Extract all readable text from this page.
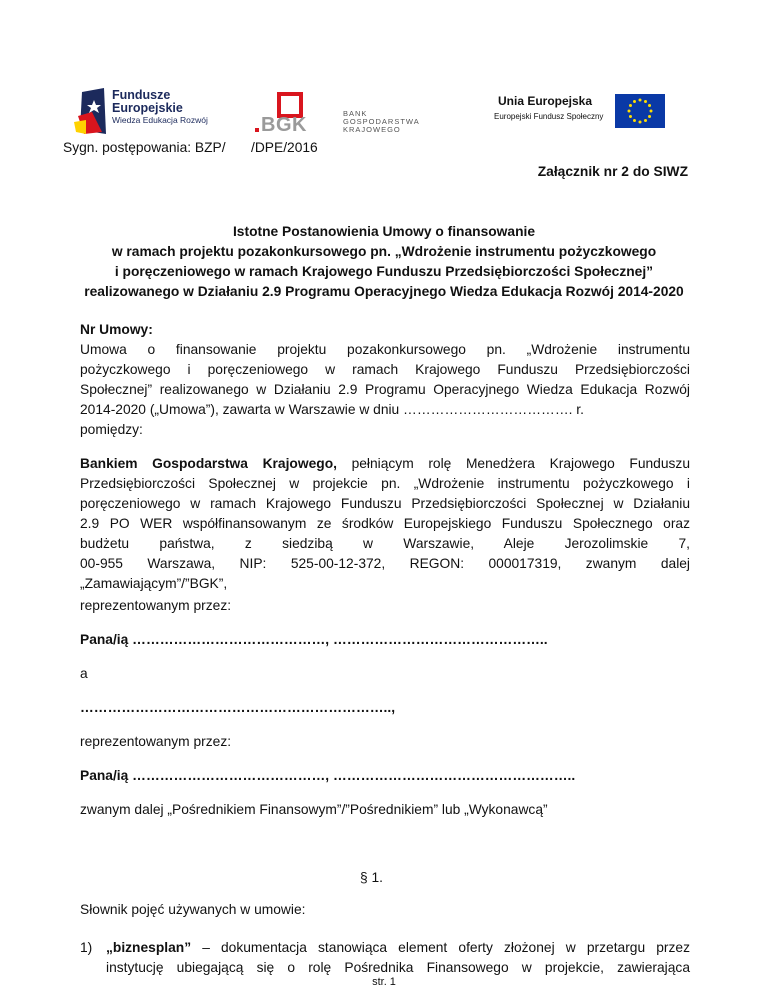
Fundusze
Europejskie
Wiedza Edukacja Rozwój	BGK
BANK GOSPODARSTWA
KRAJOWEGO
Unia Europejska
Europejski Fundusz Społeczny
Sygn. postępowania: BZP/ /DPE/2016
Załącznik nr 2 do SIWZ
Istotne Postanowienia Umowy o finansowanie
w ramach projektu pozakonkursowego pn. „Wdrożenie instrumentu pożyczkowego
i poręczeniowego w ramach Krajowego Funduszu Przedsiębiorczości Społecznej”
realizowanego w Działaniu 2.9 Programu Operacyjnego Wiedza Edukacja Rozwój 2014-2020
Nr Umowy:
Umowa o finansowanie projektu pozakonkursowego pn. „Wdrożenie instrumentu
pożyczkowego i poręczeniowego w ramach Krajowego Funduszu Przedsiębiorczości
Społecznej” realizowanego w Działaniu 2.9 Programu Operacyjnego Wiedza Edukacja Rozwój
2014-2020 („Umowa”), zawarta w Warszawie w dniu ………………………………. r.
pomiędzy:
Bankiem Gospodarstwa Krajowego, pełniącym rolę Menedżera Krajowego Funduszu
Przedsiębiorczości Społecznej w projekcie pn. „Wdrożenie instrumentu pożyczkowego i
poręczeniowego w ramach Krajowego Funduszu Przedsiębiorczości Społecznej w Działaniu
2.9 PO WER współfinansowanym ze środków Europejskiego Funduszu Społecznego oraz
budżetu państwa, z siedzibą w Warszawie, Aleje Jerozolimskie 7,
00-955 Warszawa, NIP: 525-00-12-372, REGON: 000017319, zwanym dalej
„Zamawiającym”/”BGK”,
reprezentowanym przez:
Pana/ią ……………………………………, ………………………………………..
a
…………………………………………………………..,
reprezentowanym przez:
Pana/ią ……………………………………, ……………………………………………..
zwanym dalej „Pośrednikiem Finansowym”/”Pośrednikiem” lub „Wykonawcą”
§ 1.
Słownik pojęć używanych w umowie:
1) „biznesplan” – dokumentacja stanowiąca element oferty złożonej w przetargu przez
instytucję ubiegającą się o rolę Pośrednika Finansowego w projekcie, zawierająca
str. 1
